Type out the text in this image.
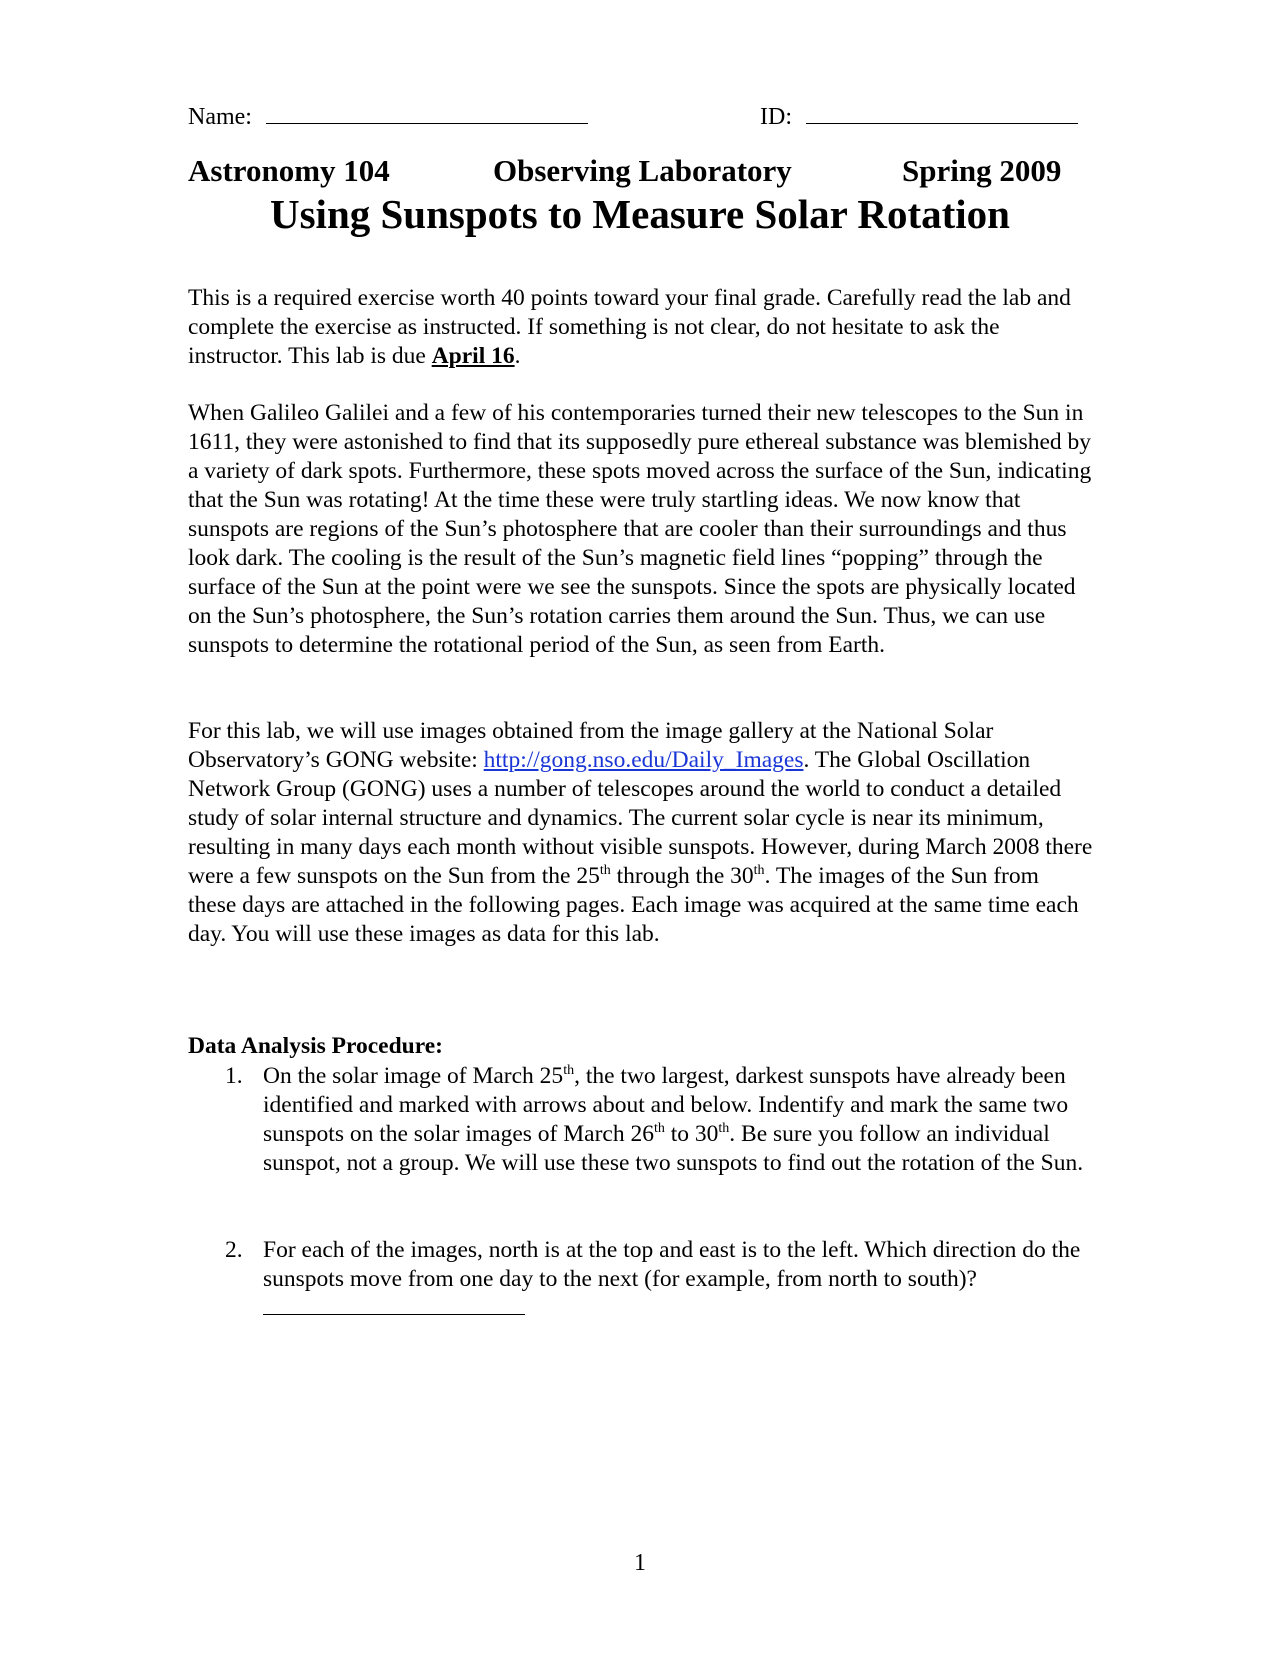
Name:	ID:
Astronomy 104	Observing Laboratory	Spring 2009
Using Sunspots to Measure Solar Rotation

This is a required exercise worth 40 points toward your final grade. Carefully read the lab and complete the exercise as instructed. If something is not clear, do not hesitate to ask the instructor. This lab is due April 16.

When Galileo Galilei and a few of his contemporaries turned their new telescopes to the Sun in 1611, they were astonished to find that its supposedly pure ethereal substance was blemished by a variety of dark spots. Furthermore, these spots moved across the surface of the Sun, indicating that the Sun was rotating! At the time these were truly startling ideas. We now know that sunspots are regions of the Sun’s photosphere that are cooler than their surroundings and thus look dark. The cooling is the result of the Sun’s magnetic field lines “popping” through the surface of the Sun at the point were we see the sunspots. Since the spots are physically located on the Sun’s photosphere, the Sun’s rotation carries them around the Sun. Thus, we can use sunspots to determine the rotational period of the Sun, as seen from Earth.

For this lab, we will use images obtained from the image gallery at the National Solar Observatory’s GONG website: http://gong.nso.edu/Daily_Images. The Global Oscillation Network Group (GONG) uses a number of telescopes around the world to conduct a detailed study of solar internal structure and dynamics. The current solar cycle is near its minimum, resulting in many days each month without visible sunspots. However, during March 2008 there were a few sunspots on the Sun from the 25th through the 30th. The images of the Sun from these days are attached in the following pages. Each image was acquired at the same time each day. You will use these images as data for this lab.

Data Analysis Procedure:
1. On the solar image of March 25th, the two largest, darkest sunspots have already been identified and marked with arrows about and below. Indentify and mark the same two sunspots on the solar images of March 26th to 30th. Be sure you follow an individual sunspot, not a group. We will use these two sunspots to find out the rotation of the Sun.
2. For each of the images, north is at the top and east is to the left. Which direction do the sunspots move from one day to the next (for example, from north to south)?
1
